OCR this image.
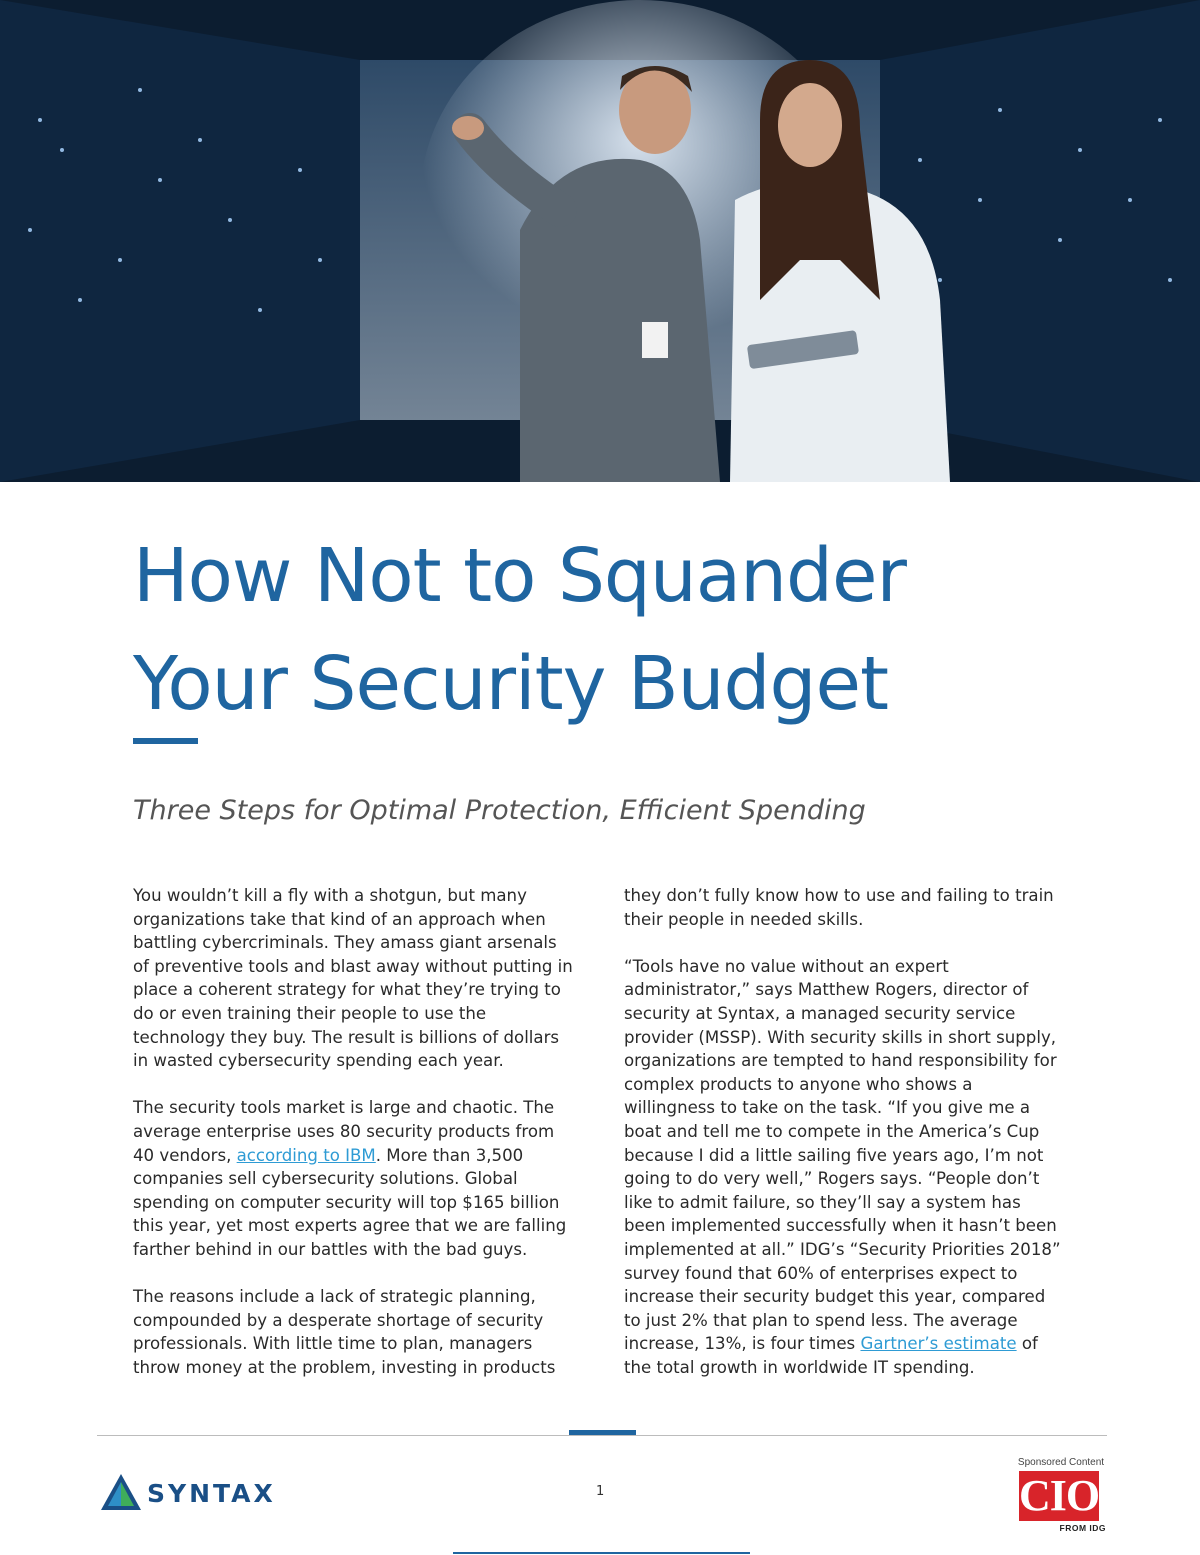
How Not to Squander
Your Security Budget
Three Steps for Optimal Protection, Efficient Spending

You wouldn’t kill a fly with a shotgun, but many organizations take that kind of an approach when battling cybercriminals. They amass giant arsenals of preventive tools and blast away without putting in place a coherent strategy for what they’re trying to do or even training their people to use the technology they buy. The result is billions of dollars in wasted cybersecurity spending each year.

The security tools market is large and chaotic. The average enterprise uses 80 security products from 40 vendors, according to IBM. More than 3,500 companies sell cybersecurity solutions. Global spending on computer security will top $165 billion this year, yet most experts agree that we are falling farther behind in our battles with the bad guys.

The reasons include a lack of strategic planning, compounded by a desperate shortage of security professionals. With little time to plan, managers throw money at the problem, investing in products

they don’t fully know how to use and failing to train their people in needed skills.

“Tools have no value without an expert administrator,” says Matthew Rogers, director of security at Syntax, a managed security service provider (MSSP). With security skills in short supply, organizations are tempted to hand responsibility for complex products to anyone who shows a willingness to take on the task. “If you give me a boat and tell me to compete in the America’s Cup because I did a little sailing five years ago, I’m not going to do very well,” Rogers says. “People don’t like to admit failure, so they’ll say a system has been implemented successfully when it hasn’t been implemented at all.” IDG’s “Security Priorities 2018” survey found that 60% of enterprises expect to increase their security budget this year, compared to just 2% that plan to spend less. The average increase, 13%, is four times Gartner’s estimate of the total growth in worldwide IT spending.

SYNTAX	1
Sponsored Content
CIO
FROM IDG
